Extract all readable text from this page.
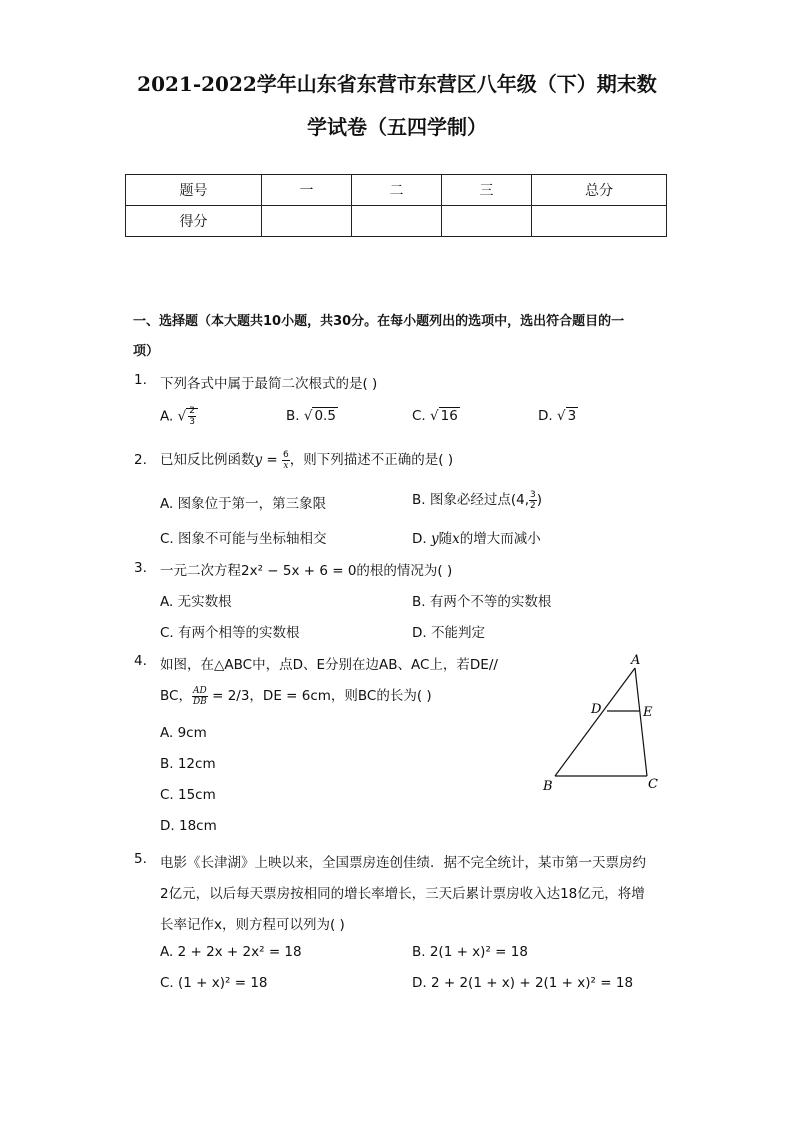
2021-2022学年山东省东营市东营区八年级（下）期末数
学试卷（五四学制）
题号	一	二	三	总分
得分				
一、选择题（本大题共10小题，共30分。在每小题列出的选项中，选出符合题目的一
项）
1. 下列各式中属于最简二次根式的是( )
A. √ $\frac{2}{3}$	B. √ 0.5	C. √ 16	D. √ 3
2. 已知反比例函数$y = \frac{6}{x}$ ，则下列描述不正确的是( )
A. 图象位于第一，第三象限	B. 图象必经过点(4, $\frac{3}{2}$ )
C. 图象不可能与坐标轴相交	D. y随x的增大而减小
3. 一元二次方程2x² − 5x + 6 = 0的根的情况为( )
A. 无实数根	B. 有两个不等的实数根
C. 有两个相等的实数根	D. 不能判定
4. 如图，在△ABC中，点D、E分别在边AB、AC上，若DE//
BC， $\frac{AD}{DB} = 2/3$，DE = 6cm，则BC的长为( )
A. 9cm
B. 12cm
C. 15cm
D. 18cm
A
D	E
B	C
5. 电影《长津湖》上映以来，全国票房连创佳绩．据不完全统计，某市第一天票房约
2亿元，以后每天票房按相同的增长率增长，三天后累计票房收入达18亿元，将增
长率记作x，则方程可以列为( )
A. 2 + 2x + 2x² = 18	B. 2(1 + x)² = 18
C. (1 + x)² = 18	D. 2 + 2(1 + x) + 2(1 + x)² = 18
